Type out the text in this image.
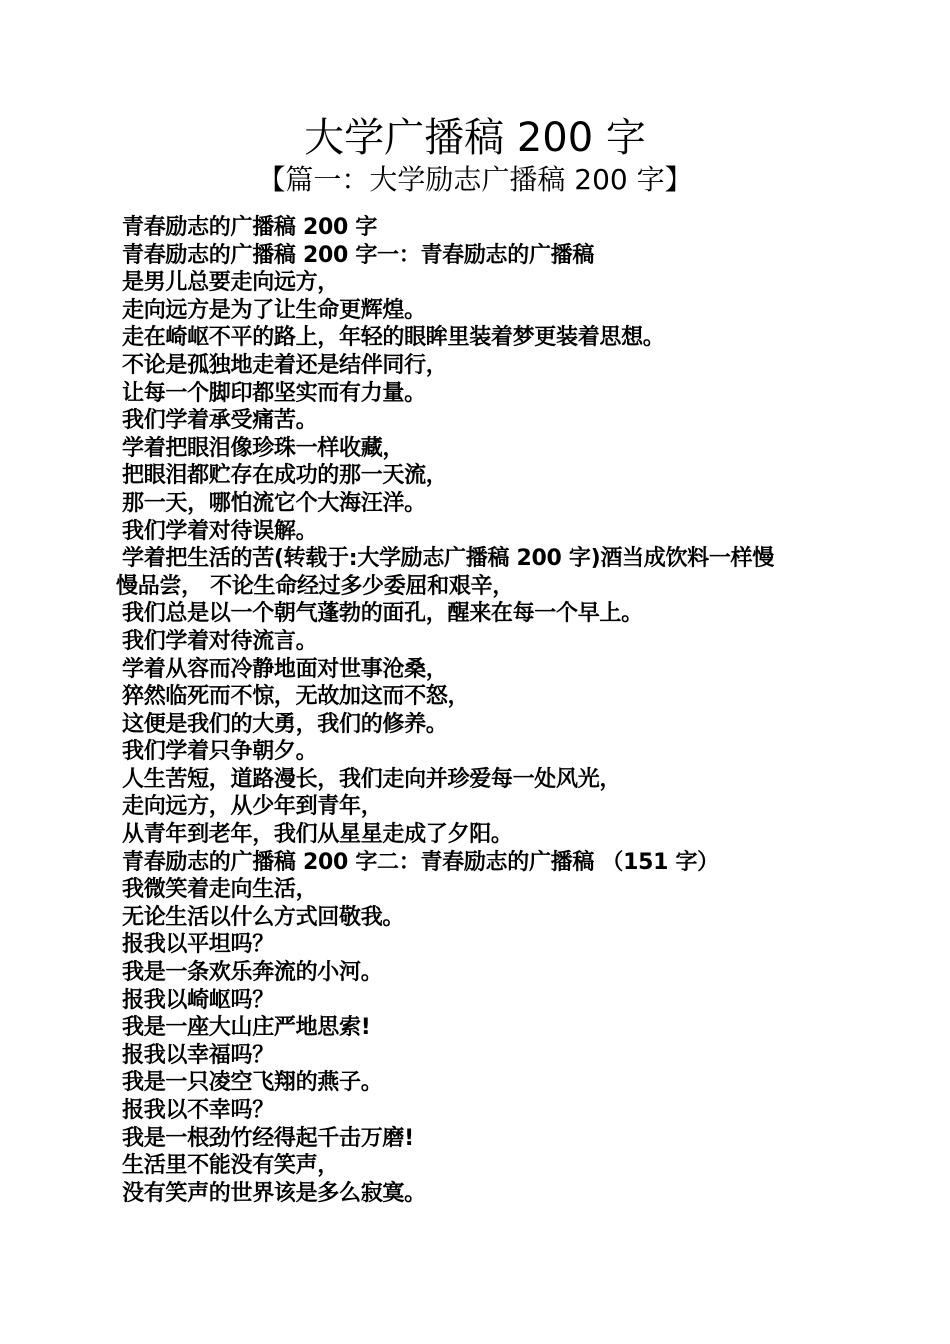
大学广播稿 200 字
【篇一：大学励志广播稿 200 字】
青春励志的广播稿 200 字
青春励志的广播稿 200 字一：青春励志的广播稿
是男儿总要走向远方，
走向远方是为了让生命更辉煌。
走在崎岖不平的路上，年轻的眼眸里装着梦更装着思想。
不论是孤独地走着还是结伴同行，
让每一个脚印都坚实而有力量。
我们学着承受痛苦。
学着把眼泪像珍珠一样收藏，
把眼泪都贮存在成功的那一天流，
那一天，哪怕流它个大海汪洋。
我们学着对待误解。
学着把生活的苦(转载于:大学励志广播稿 200 字)酒当成饮料一样慢
慢品尝， 不论生命经过多少委屈和艰辛，
我们总是以一个朝气蓬勃的面孔，醒来在每一个早上。
我们学着对待流言。
学着从容而冷静地面对世事沧桑，
猝然临死而不惊，无故加这而不怒，
这便是我们的大勇，我们的修养。
我们学着只争朝夕。
人生苦短，道路漫长，我们走向并珍爱每一处风光，
走向远方，从少年到青年，
从青年到老年，我们从星星走成了夕阳。
青春励志的广播稿 200 字二：青春励志的广播稿 （151 字）
我微笑着走向生活，
无论生活以什么方式回敬我。
报我以平坦吗？
我是一条欢乐奔流的小河。
报我以崎岖吗？
我是一座大山庄严地思索!
报我以幸福吗？
我是一只凌空飞翔的燕子。
报我以不幸吗？
我是一根劲竹经得起千击万磨!
生活里不能没有笑声，
没有笑声的世界该是多么寂寞。
